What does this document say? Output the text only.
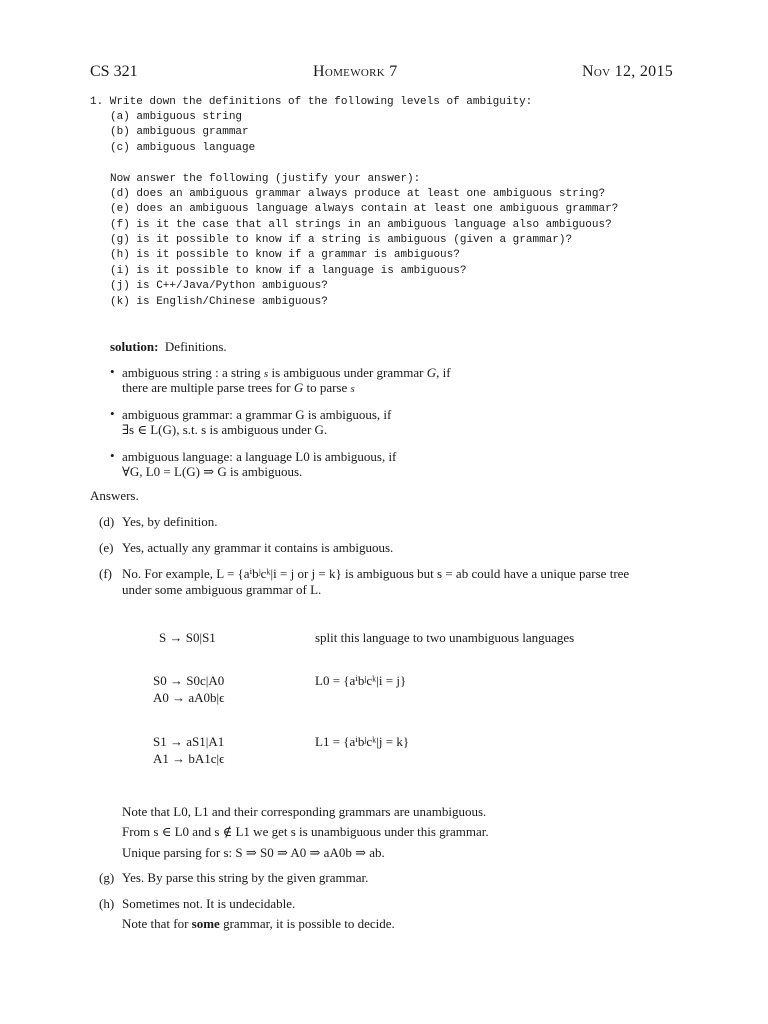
CS 321	Homework 7	Nov 12, 2015
1. Write down the definitions of the following levels of ambiguity:
(a) ambiguous string
(b) ambiguous grammar
(c) ambiguous language
Now answer the following (justify your answer):
(d) does an ambiguous grammar always produce at least one ambiguous string?
(e) does an ambiguous language always contain at least one ambiguous grammar?
(f) is it the case that all strings in an ambiguous language also ambiguous?
(g) is it possible to know if a string is ambiguous (given a grammar)?
(h) is it possible to know if a grammar is ambiguous?
(i) is it possible to know if a language is ambiguous?
(j) is C++/Java/Python ambiguous?
(k) is English/Chinese ambiguous?
solution: Definitions.
• ambiguous string : a string s is ambiguous under grammar G, if
there are multiple parse trees for G to parse s
• ambiguous grammar: a grammar G is ambiguous, if
∃s ∈ L(G), s.t. s is ambiguous under G.
• ambiguous language: a language L0 is ambiguous, if
∀G, L0 = L(G) ⇒ G is ambiguous.
Answers.
(d) Yes, by definition.
(e) Yes, actually any grammar it contains is ambiguous.
(f) No. For example, L = {aⁱbʲcᵏ|i = j or j = k} is ambiguous but s = ab could have a unique parse tree
under some ambiguous grammar of L.
S → S0|S1	split this language to two unambiguous languages
S0 → S0c|A0
A0 → aA0b|ϵ
L0 = {aⁱbʲcᵏ|i = j}
S1 → aS1|A1
A1 → bA1c|ϵ
L1 = {aⁱbʲcᵏ|j = k}
Note that L0, L1 and their corresponding grammars are unambiguous.
From s ∈ L0 and s ∉ L1 we get s is unambiguous under this grammar.
Unique parsing for s: S ⇒ S0 ⇒ A0 ⇒ aA0b ⇒ ab.
(g) Yes. By parse this string by the given grammar.
(h) Sometimes not. It is undecidable.
Note that for some grammar, it is possible to decide.
